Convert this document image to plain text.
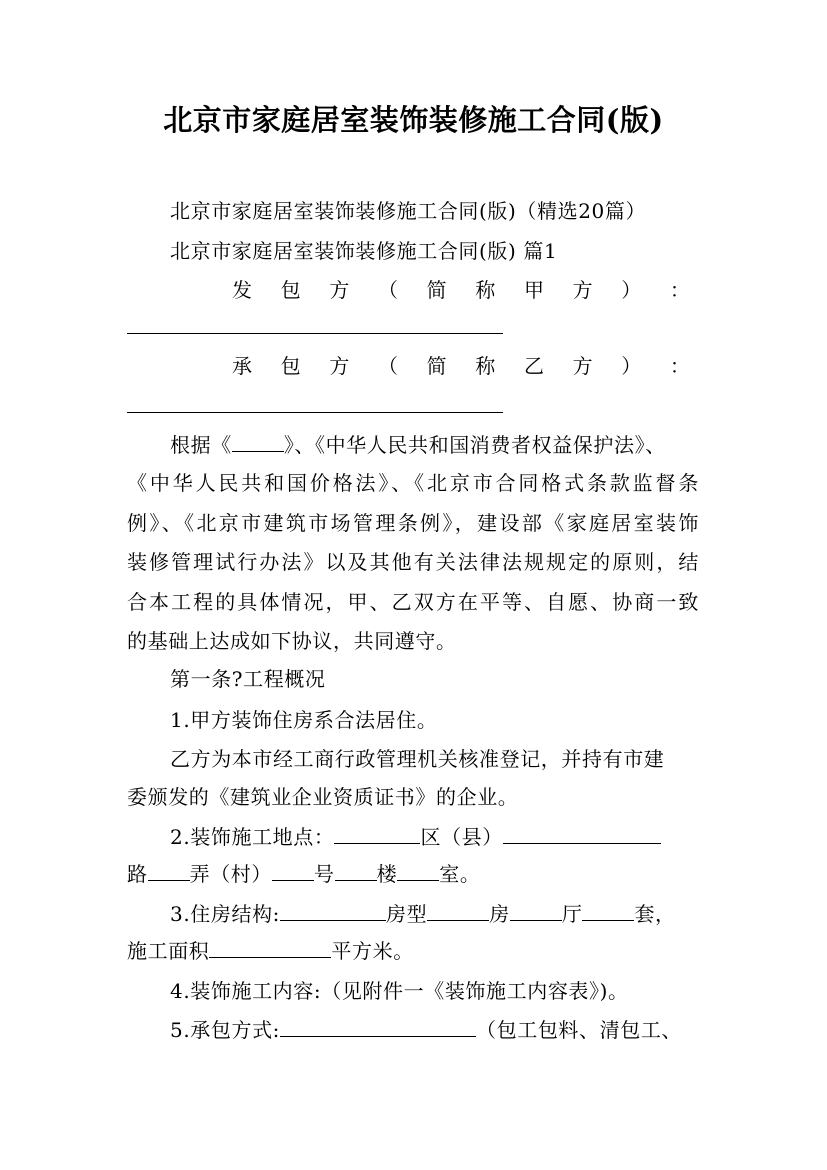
北京市家庭居室装饰装修施工合同(版)
北京市家庭居室装饰装修施工合同(版)（精选20篇）
北京市家庭居室装饰装修施工合同(版) 篇1
发 包 方 （ 简 称 甲 方 ） ：
承 包 方 （ 简 称 乙 方 ） ：
根据《	》、《中华人民共和国消费者权益保护法》、
《中华人民共和国价格法》、《北京市合同格式条款监督条
例》、《北京市建筑市场管理条例》，建设部《家庭居室装饰
装修管理试行办法》以及其他有关法律法规规定的原则，结
合本工程的具体情况，甲、乙双方在平等、自愿、协商一致
的基础上达成如下协议，共同遵守。
第一条?工程概况
1.甲方装饰住房系合法居住。
乙方为本市经工商行政管理机关核准登记，并持有市建
委颁发的《建筑业企业资质证书》的企业。
2.装饰施工地点：	区（县）
路 弄（村） 号 楼 室。
3.住房结构:	房型	房	厅	套，
施工面积	平方米。
4.装饰施工内容:（见附件一《装饰施工内容表》)。
5.承包方式:	（包工包料、清包工、
